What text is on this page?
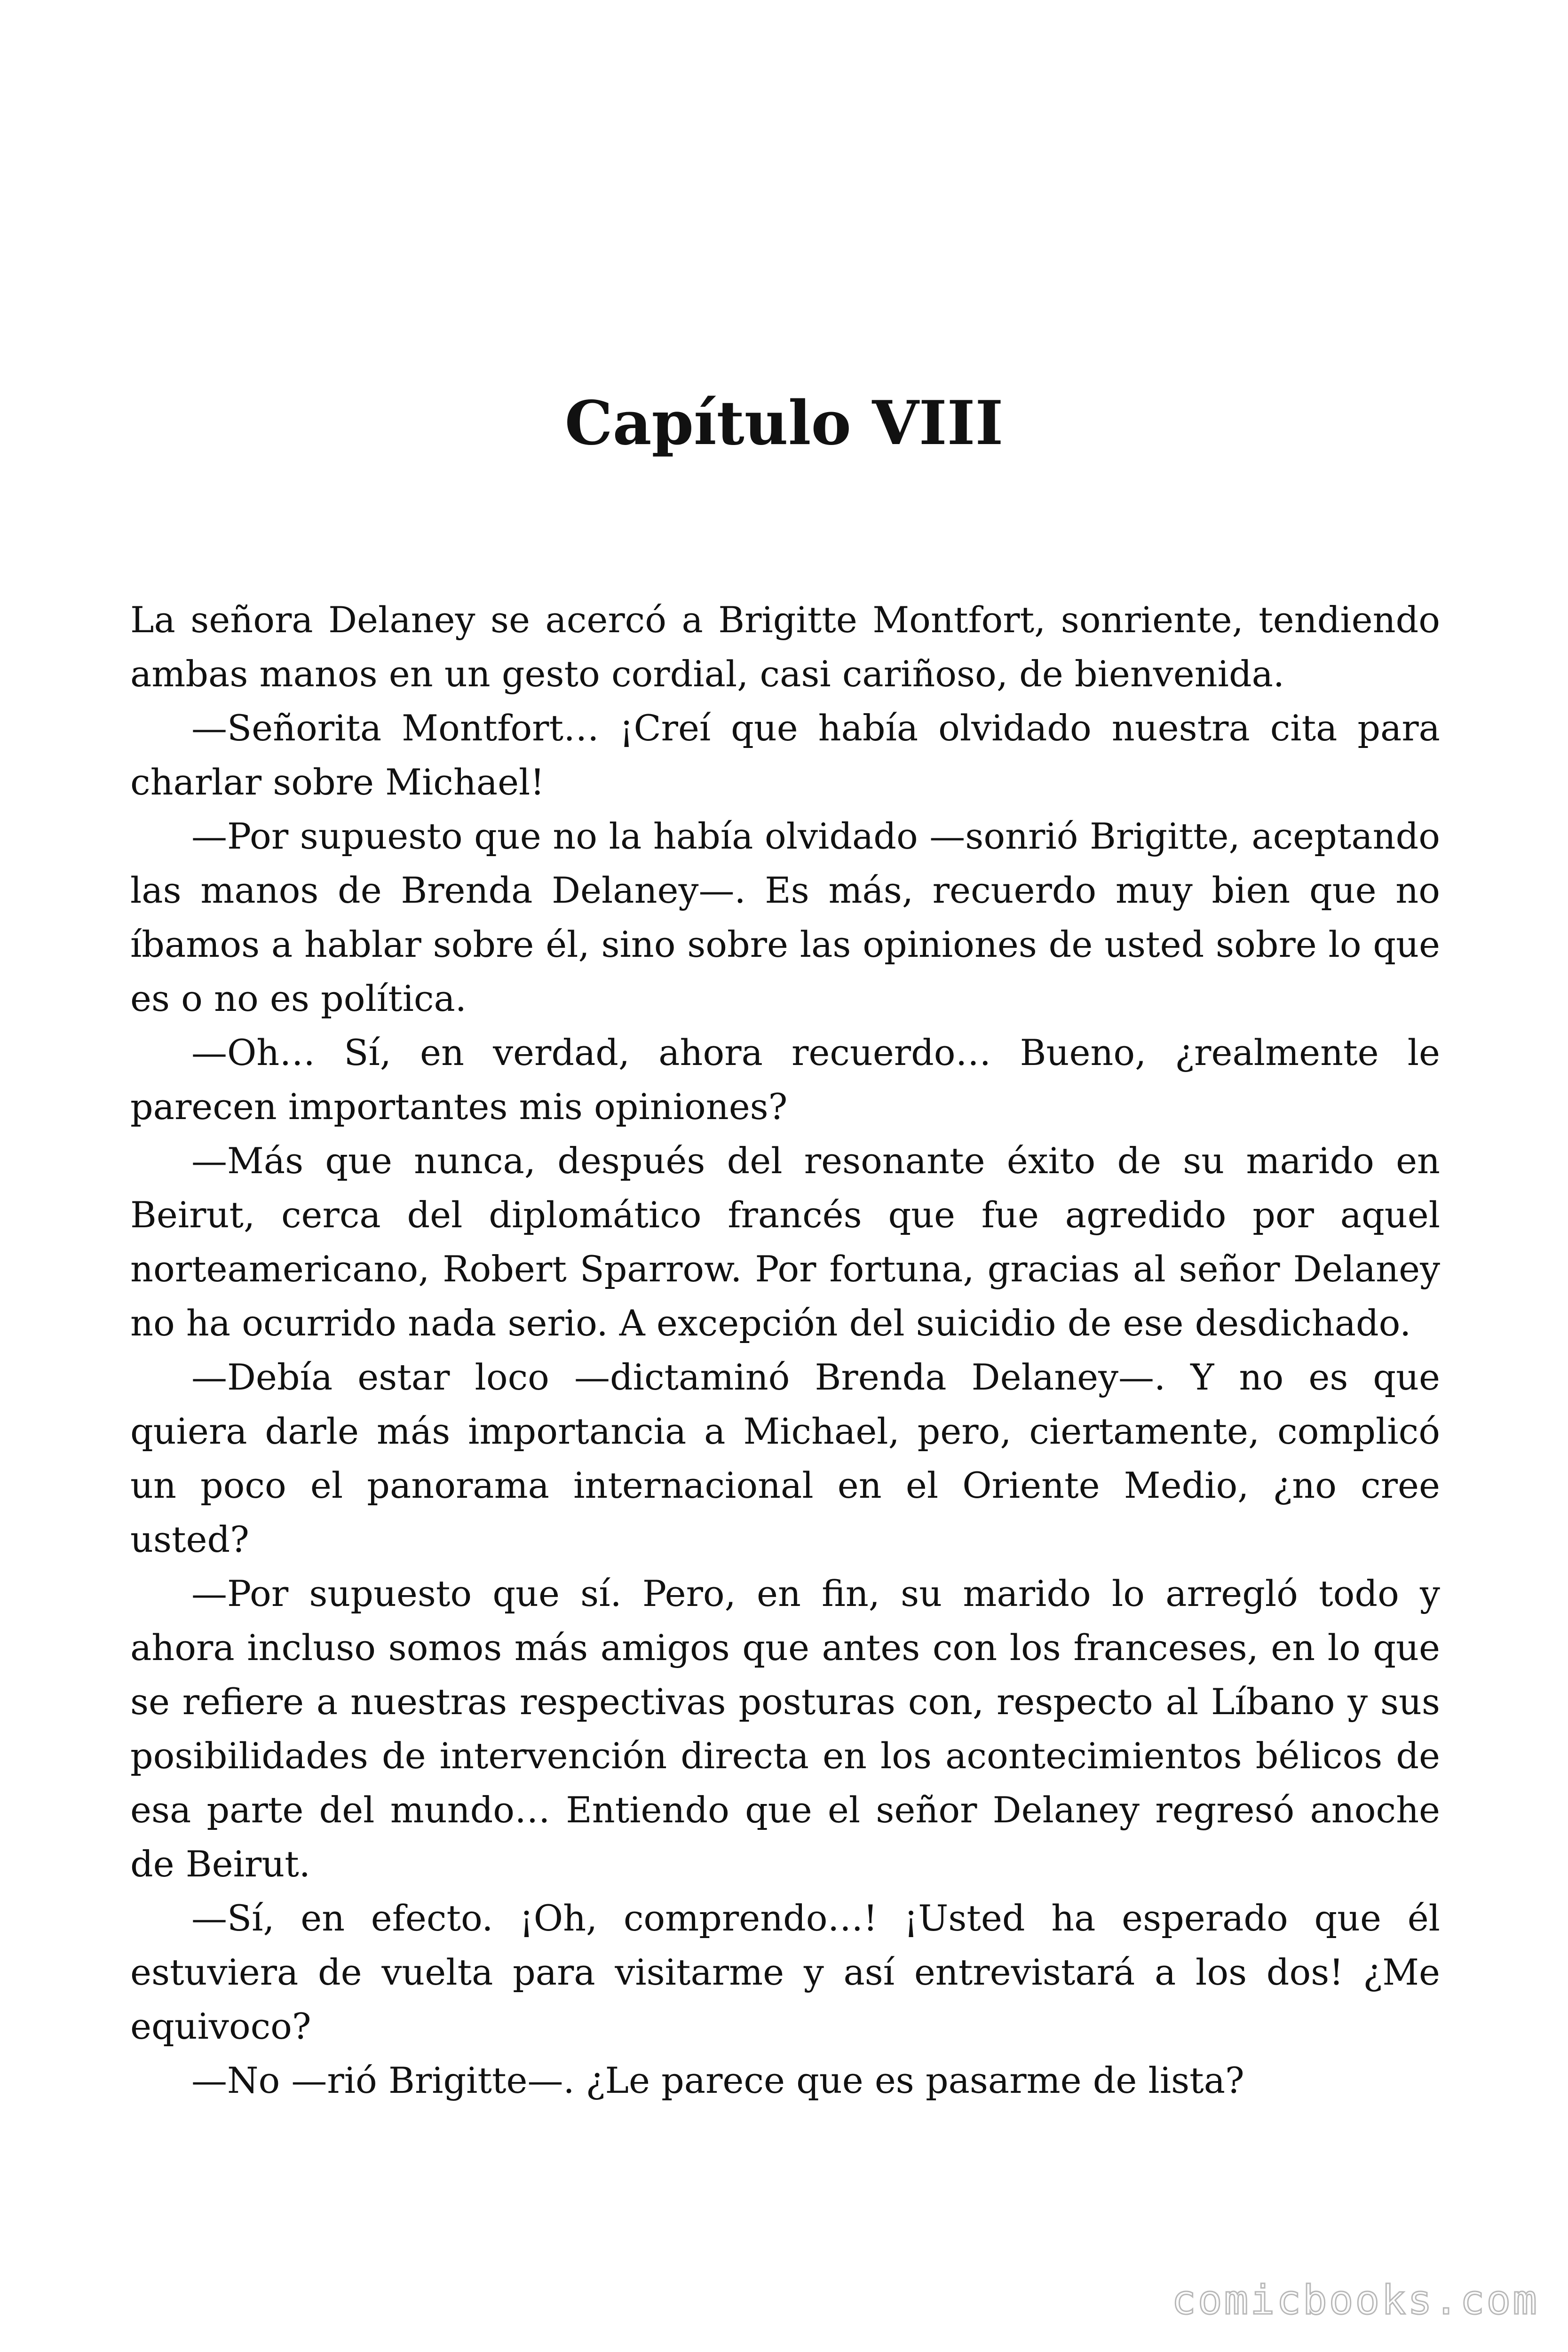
Capítulo VIII

La señora Delaney se acercó a Brigitte Montfort, sonriente, tendiendo ambas manos en un gesto cordial, casi cariñoso, de bienvenida.

—Señorita Montfort… ¡Creí que había olvidado nuestra cita para charlar sobre Michael!

—Por supuesto que no la había olvidado —sonrió Brigitte, aceptando las manos de Brenda Delaney—. Es más, recuerdo muy bien que no íbamos a hablar sobre él, sino sobre las opiniones de usted sobre lo que es o no es política.

—Oh… Sí, en verdad, ahora recuerdo… Bueno, ¿realmente le parecen importantes mis opiniones?

—Más que nunca, después del resonante éxito de su marido en Beirut, cerca del diplomático francés que fue agredido por aquel norteamericano, Robert Sparrow. Por fortuna, gracias al señor Delaney no ha ocurrido nada serio. A excepción del suicidio de ese desdichado.

—Debía estar loco —dictaminó Brenda Delaney—. Y no es que quiera darle más importancia a Michael, pero, ciertamente, complicó un poco el panorama internacional en el Oriente Medio, ¿no cree usted?

—Por supuesto que sí. Pero, en fin, su marido lo arregló todo y ahora incluso somos más amigos que antes con los franceses, en lo que se refiere a nuestras respectivas posturas con, respecto al Líbano y sus posibilidades de intervención directa en los acontecimientos bélicos de esa parte del mundo… Entiendo que el señor Delaney regresó anoche de Beirut.

—Sí, en efecto. ¡Oh, comprendo…! ¡Usted ha esperado que él estuviera de vuelta para visitarme y así entrevistará a los dos! ¿Me equivoco?

—No —rió Brigitte—. ¿Le parece que es pasarme de lista?

comicbooks.com
